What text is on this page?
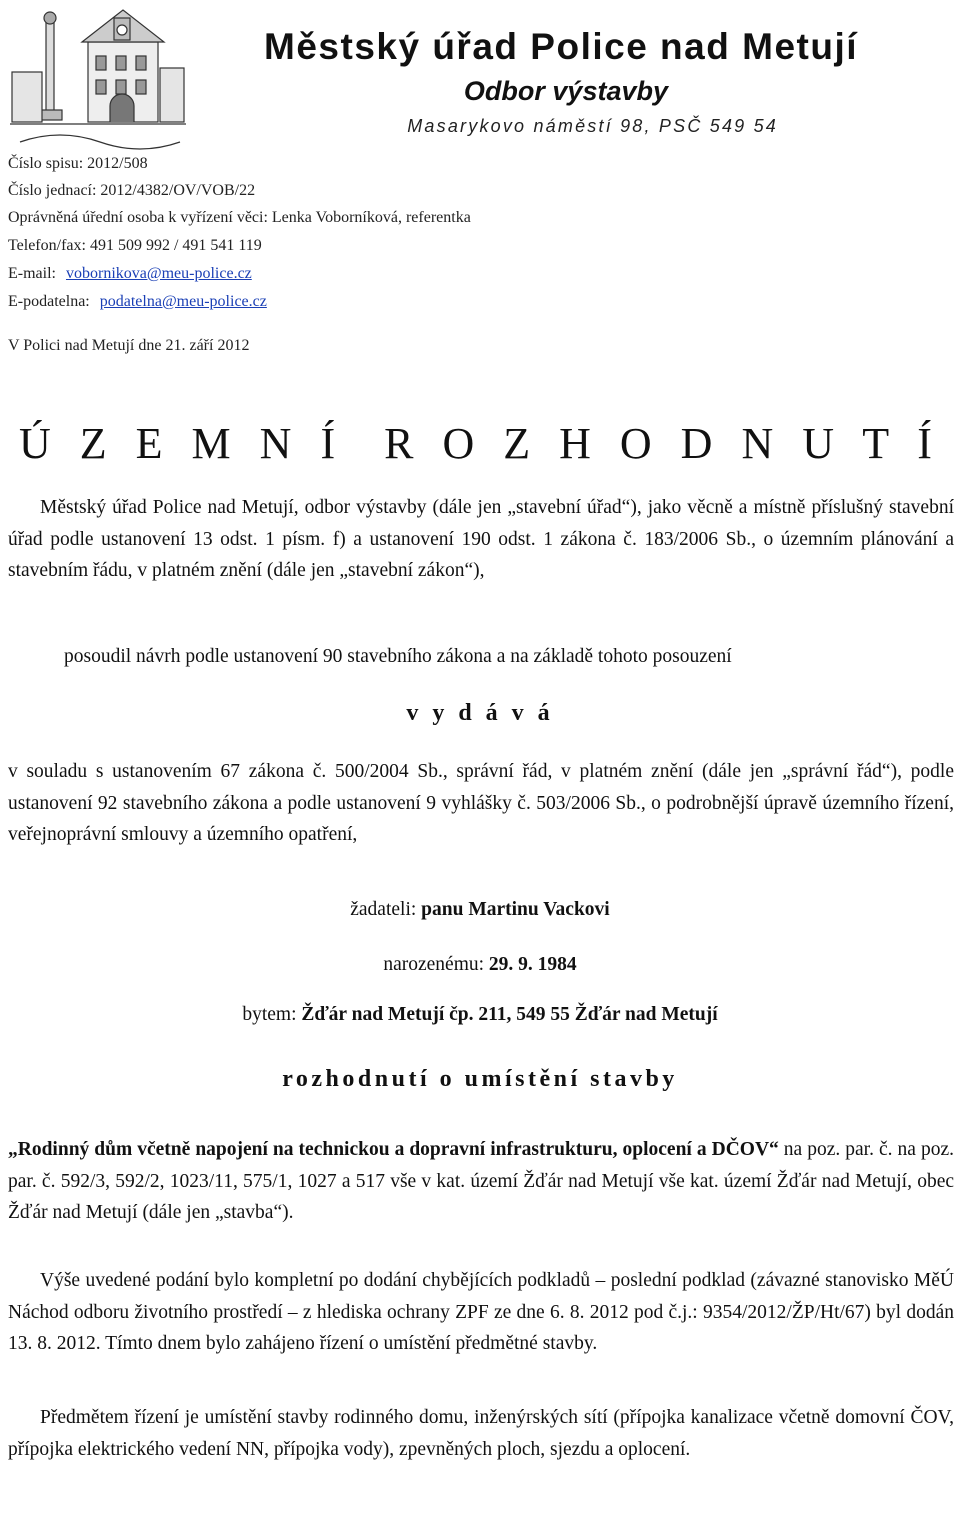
Městský úřad Police nad Metují
Odbor výstavby
Masarykovo náměstí 98, PSČ 549 54
Číslo spisu: 2012/508
Číslo jednací: 2012/4382/OV/VOB/22
Oprávněná úřední osoba k vyřízení věci: Lenka Voborníková, referentka
Telefon/fax: 491 509 992 / 491 541 119
E-mail: vobornikova@meu-police.cz
E-podatelna: podatelna@meu-police.cz
V Polici nad Metují dne 21. září 2012
Ú Z E M N Í R O Z H O D N U T Í
Městský úřad Police nad Metují, odbor výstavby (dále jen „stavební úřad“), jako věcně a místně příslušný stavební úřad podle ustanovení 13 odst. 1 písm. f) a ustanovení 190 odst. 1 zákona č. 183/2006 Sb., o územním plánování a stavebním řádu, v platném znění (dále jen „stavební zákon“),
posoudil návrh podle ustanovení 90 stavebního zákona a na základě tohoto posouzení
v y d á v á
v souladu s ustanovením 67 zákona č. 500/2004 Sb., správní řád, v platném znění (dále jen „správní řád“), podle ustanovení 92 stavebního zákona a podle ustanovení 9 vyhlášky č. 503/2006 Sb., o podrobnější úpravě územního řízení, veřejnoprávní smlouvy a územního opatření,
žadateli: panu Martinu Vackovi
narozenému: 29. 9. 1984
bytem: Žďár nad Metují čp. 211, 549 55 Žďár nad Metují
rozhodnutí o umístění stavby
„Rodinný dům včetně napojení na technickou a dopravní infrastrukturu, oplocení a DČOV“ na poz. par. č. na poz. par. č. 592/3, 592/2, 1023/11, 575/1, 1027 a 517 vše v kat. území Žďár nad Metují vše kat. území Žďár nad Metují, obec Žďár nad Metují (dále jen „stavba“).
Výše uvedené podání bylo kompletní po dodání chybějících podkladů – poslední podklad (závazné stanovisko MěÚ Náchod odboru životního prostředí – z hlediska ochrany ZPF ze dne 6. 8. 2012 pod č.j.: 9354/2012/ŽP/Ht/67) byl dodán 13. 8. 2012. Tímto dnem bylo zahájeno řízení o umístění předmětné stavby.
Předmětem řízení je umístění stavby rodinného domu, inženýrských sítí (přípojka kanalizace včetně domovní ČOV, přípojka elektrického vedení NN, přípojka vody), zpevněných ploch, sjezdu a oplocení.
